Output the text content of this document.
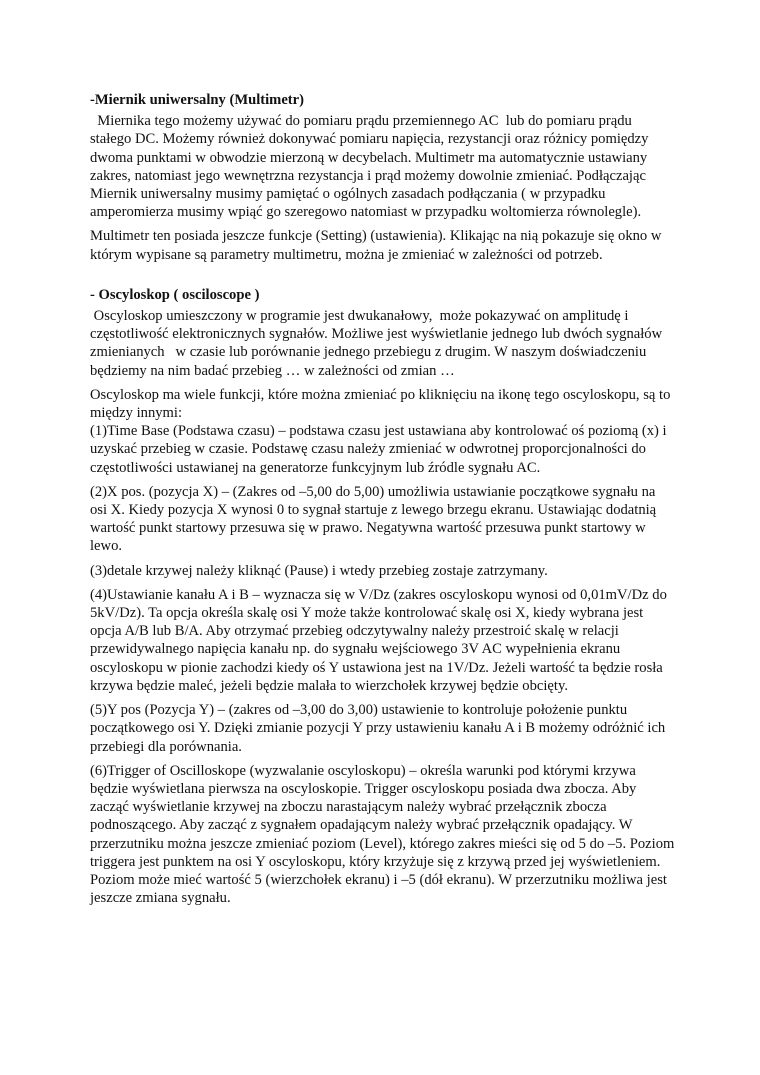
-Miernik uniwersalny (Multimetr)

Miernika tego możemy używać do pomiaru prądu przemiennego AC  lub do pomiaru prądu stałego DC. Możemy również dokonywać pomiaru napięcia, rezystancji oraz różnicy pomiędzy dwoma punktami w obwodzie mierzoną w decybelach. Multimetr ma automatycznie ustawiany zakres, natomiast jego wewnętrzna rezystancja i prąd możemy dowolnie zmieniać. Podłączając Miernik uniwersalny musimy pamiętać o ogólnych zasadach podłączania ( w przypadku amperomierza musimy wpiąć go szeregowo natomiast w przypadku woltomierza równolegle).

Multimetr ten posiada jeszcze funkcje (Setting) (ustawienia). Klikając na nią pokazuje się okno w którym wypisane są parametry multimetru, można je zmieniać w zależności od potrzeb.

- Oscyloskop ( osciloscope )

Oscyloskop umieszczony w programie jest dwukanałowy,  może pokazywać on amplitudę i częstotliwość elektronicznych sygnałów. Możliwe jest wyświetlanie jednego lub dwóch sygnałów zmienianych   w czasie lub porównanie jednego przebiegu z drugim. W naszym doświadczeniu będziemy na nim badać przebieg … w zależności od zmian …

Oscyloskop ma wiele funkcji, które można zmieniać po kliknięciu na ikonę tego oscyloskopu, są to między innymi:
(1)Time Base (Podstawa czasu) – podstawa czasu jest ustawiana aby kontrolować oś poziomą (x) i uzyskać przebieg w czasie. Podstawę czasu należy zmieniać w odwrotnej proporcjonalności do częstotliwości ustawianej na generatorze funkcyjnym lub źródle sygnału AC.

(2)X pos. (pozycja X) – (Zakres od –5,00 do 5,00) umożliwia ustawianie początkowe sygnału na osi X. Kiedy pozycja X wynosi 0 to sygnał startuje z lewego brzegu ekranu. Ustawiając dodatnią wartość punkt startowy przesuwa się w prawo. Negatywna wartość przesuwa punkt startowy w lewo.

(3)detale krzywej należy kliknąć (Pause) i wtedy przebieg zostaje zatrzymany.

(4)Ustawianie kanału A i B – wyznacza się w V/Dz (zakres oscyloskopu wynosi od 0,01mV/Dz do 5kV/Dz). Ta opcja określa skalę osi Y może także kontrolować skalę osi X, kiedy wybrana jest opcja A/B lub B/A. Aby otrzymać przebieg odczytywalny należy przestroić skalę w relacji przewidywalnego napięcia kanału np. do sygnału wejściowego 3V AC wypełnienia ekranu oscyloskopu w pionie zachodzi kiedy oś Y ustawiona jest na 1V/Dz. Jeżeli wartość ta będzie rosła krzywa będzie maleć, jeżeli będzie malała to wierzchołek krzywej będzie obcięty.

(5)Y pos (Pozycja Y) – (zakres od –3,00 do 3,00) ustawienie to kontroluje położenie punktu początkowego osi Y. Dzięki zmianie pozycji Y przy ustawieniu kanału A i B możemy odróżnić ich przebiegi dla porównania.

(6)Trigger of Oscilloskope (wyzwalanie oscyloskopu) – określa warunki pod którymi krzywa będzie wyświetlana pierwsza na oscyloskopie. Trigger oscyloskopu posiada dwa zbocza. Aby zacząć wyświetlanie krzywej na zboczu narastającym należy wybrać przełącznik zbocza podnoszącego. Aby zacząć z sygnałem opadającym należy wybrać przełącznik opadający. W przerzutniku można jeszcze zmieniać poziom (Level), którego zakres mieści się od 5 do –5. Poziom triggera jest punktem na osi Y oscyloskopu, który krzyżuje się z krzywą przed jej wyświetleniem. Poziom może mieć wartość 5 (wierzchołek ekranu) i –5 (dół ekranu). W przerzutniku możliwa jest jeszcze zmiana sygnału.
